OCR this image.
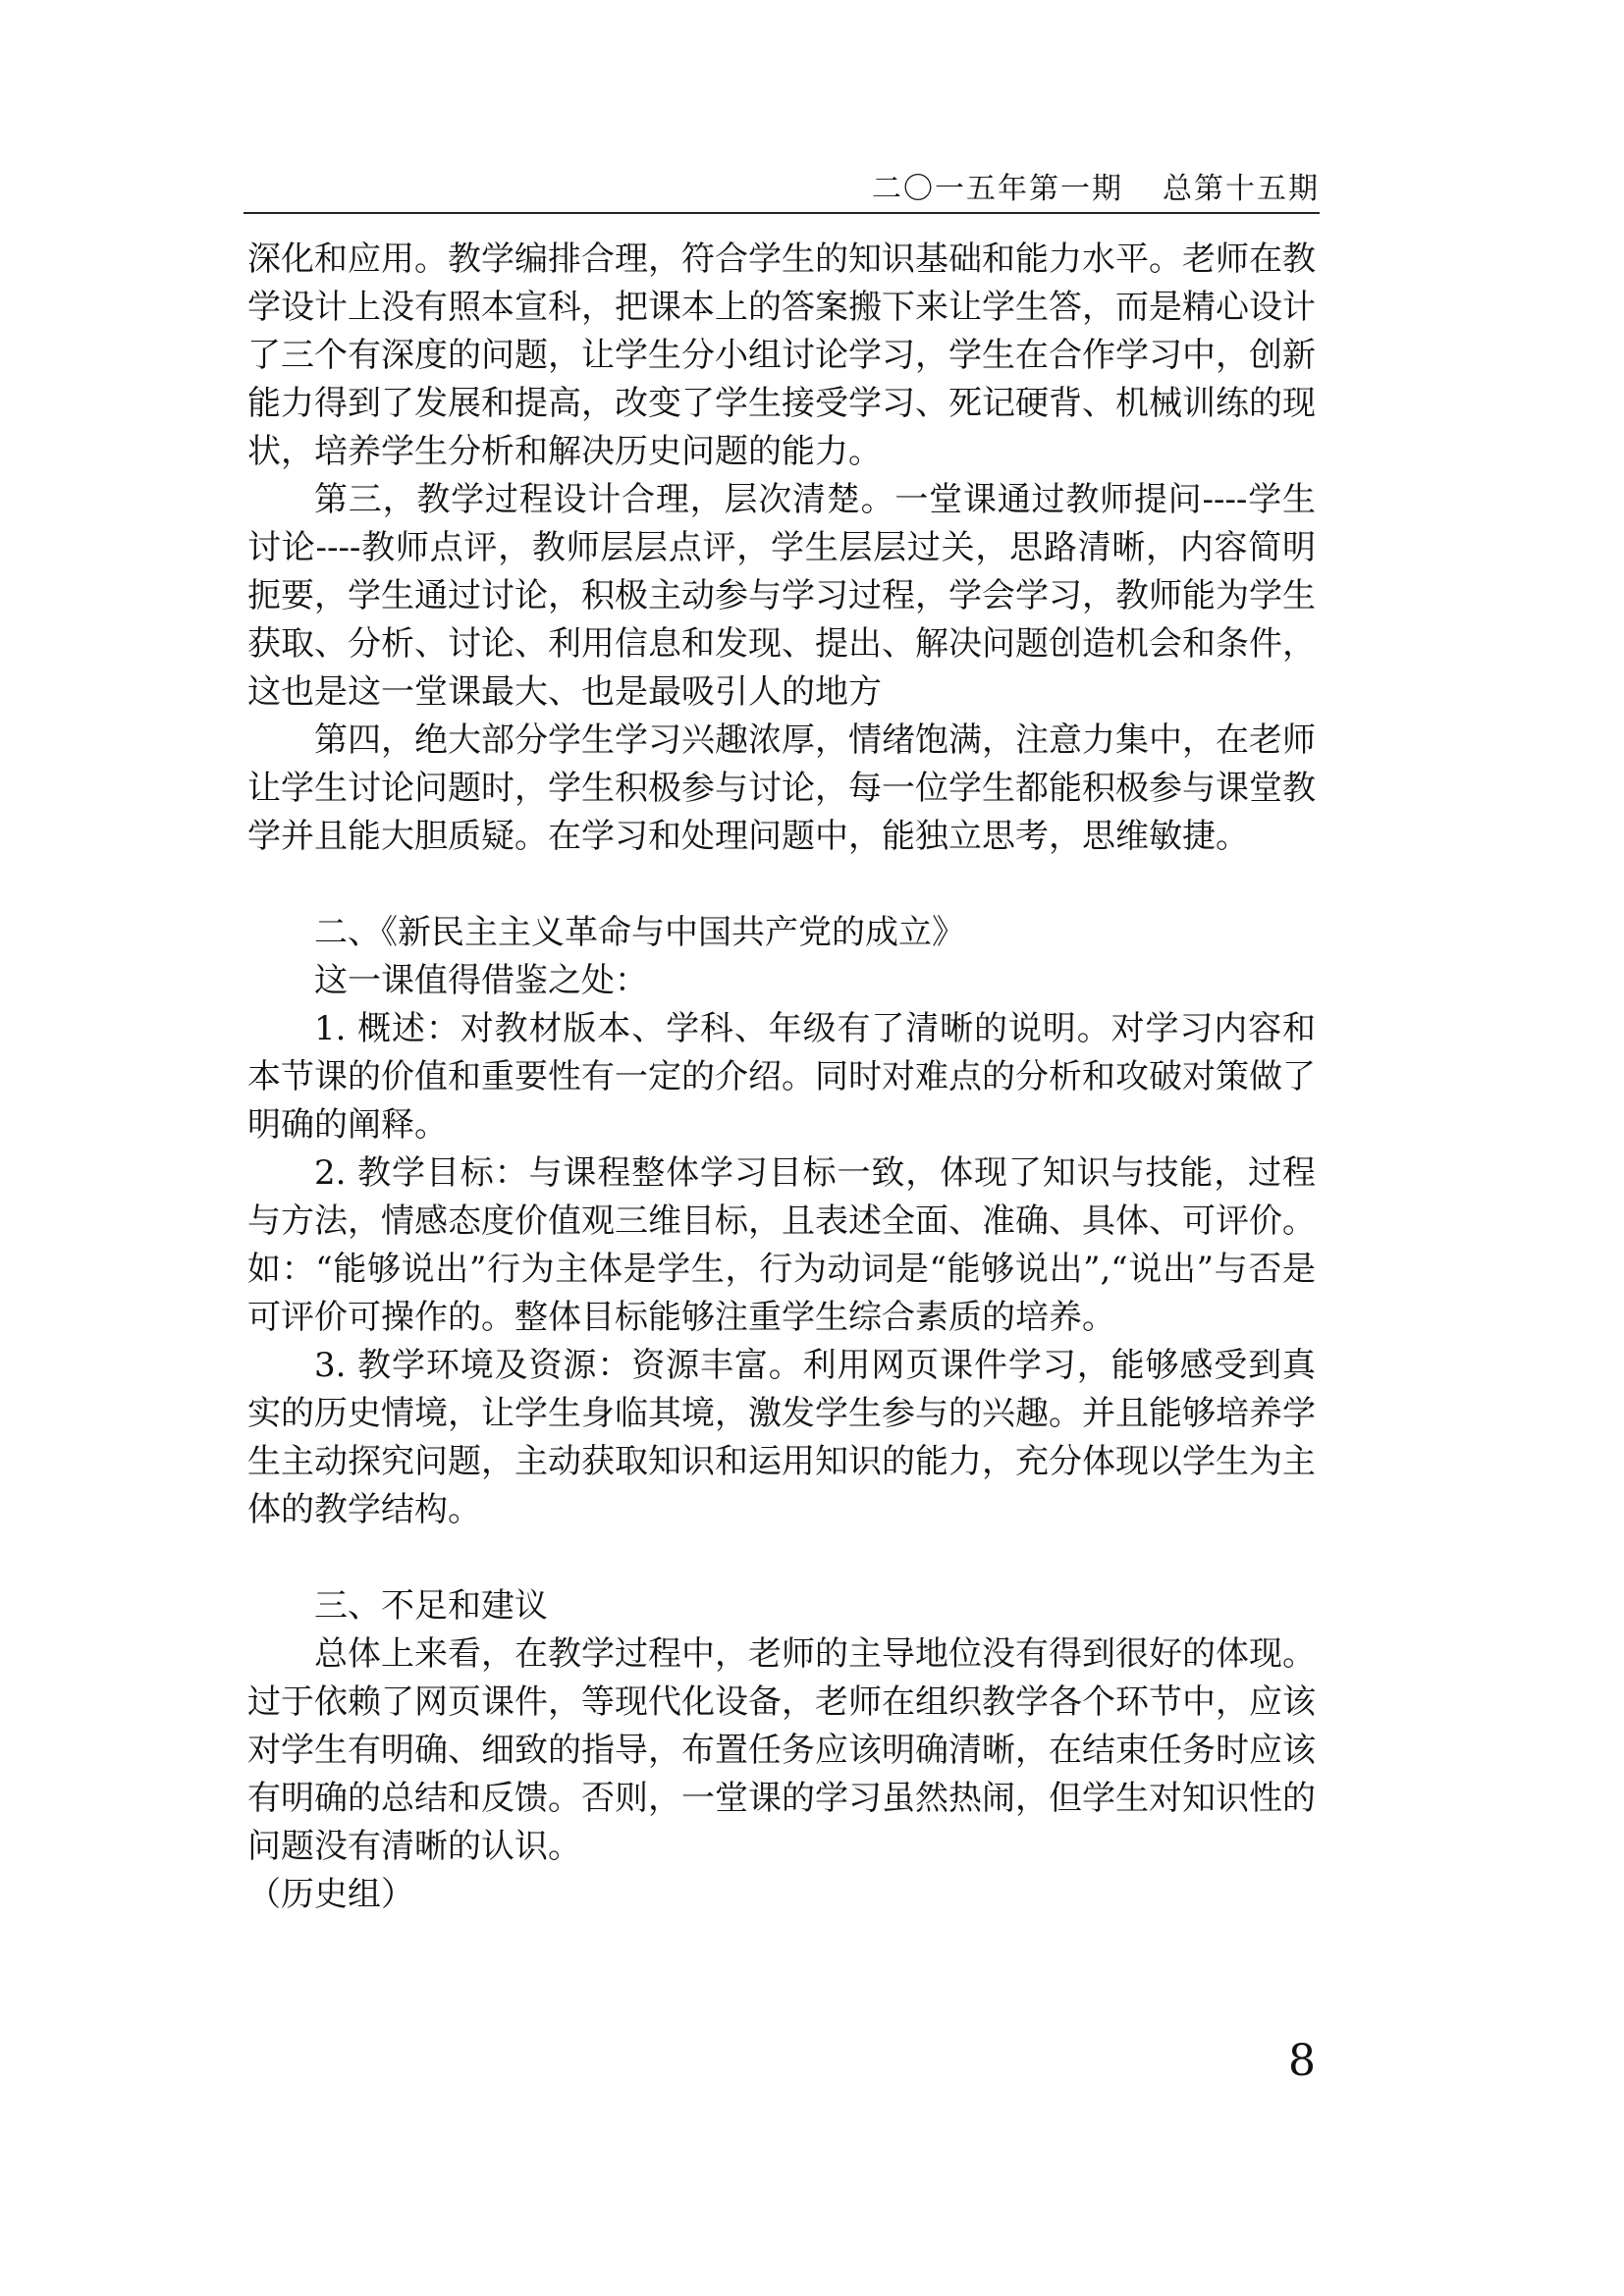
二〇一五年第一期 总第十五期

深化和应用。教学编排合理，符合学生的知识基础和能力水平。老师在教学设计上没有照本宣科，把课本上的答案搬下来让学生答，而是精心设计了三个有深度的问题，让学生分小组讨论学习，学生在合作学习中，创新能力得到了发展和提高，改变了学生接受学习、死记硬背、机械训练的现状，培养学生分析和解决历史问题的能力。

第三，教学过程设计合理，层次清楚。一堂课通过教师提问----学生讨论----教师点评，教师层层点评，学生层层过关，思路清晰，内容简明扼要，学生通过讨论，积极主动参与学习过程，学会学习，教师能为学生获取、分析、讨论、利用信息和发现、提出、解决问题创造机会和条件，这也是这一堂课最大、也是最吸引人的地方

第四，绝大部分学生学习兴趣浓厚，情绪饱满，注意力集中，在老师让学生讨论问题时，学生积极参与讨论，每一位学生都能积极参与课堂教学并且能大胆质疑。在学习和处理问题中，能独立思考，思维敏捷。

二、《新民主主义革命与中国共产党的成立》

这一课值得借鉴之处：

1. 概述：对教材版本、学科、年级有了清晰的说明。对学习内容和本节课的价值和重要性有一定的介绍。同时对难点的分析和攻破对策做了明确的阐释。

2. 教学目标：与课程整体学习目标一致，体现了知识与技能，过程与方法，情感态度价值观三维目标，且表述全面、准确、具体、可评价。如：“能够说出”行为主体是学生，行为动词是“能够说出”,“说出”与否是可评价可操作的。整体目标能够注重学生综合素质的培养。

3. 教学环境及资源：资源丰富。利用网页课件学习，能够感受到真实的历史情境，让学生身临其境，激发学生参与的兴趣。并且能够培养学生主动探究问题，主动获取知识和运用知识的能力，充分体现以学生为主体的教学结构。

三、不足和建议

总体上来看，在教学过程中，老师的主导地位没有得到很好的体现。过于依赖了网页课件，等现代化设备，老师在组织教学各个环节中，应该对学生有明确、细致的指导，布置任务应该明确清晰，在结束任务时应该有明确的总结和反馈。否则，一堂课的学习虽然热闹，但学生对知识性的问题没有清晰的认识。

（历史组）

8
